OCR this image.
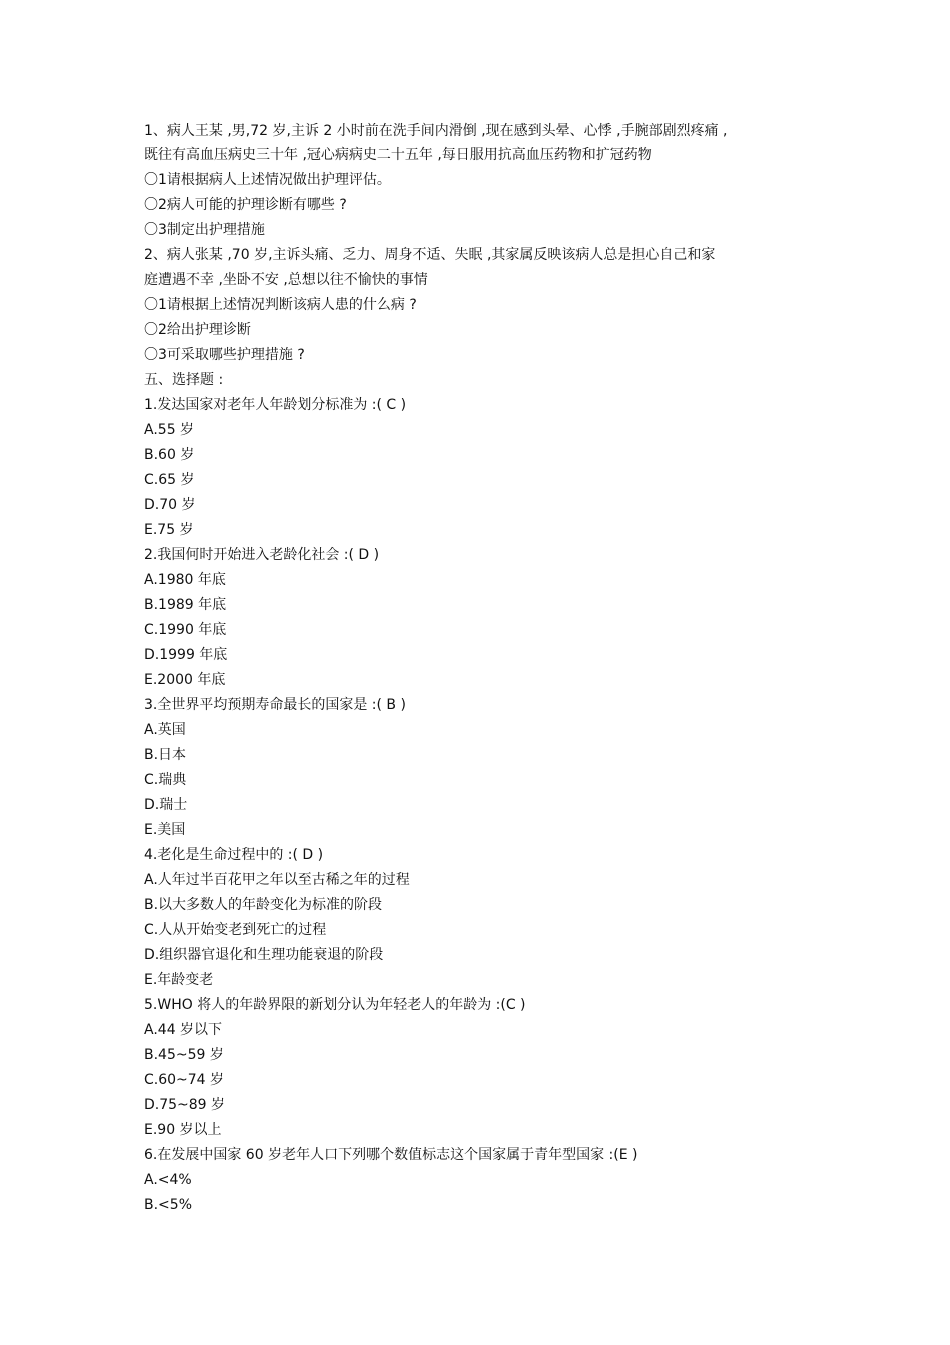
1、病人王某 ,男,72 岁,主诉 2 小时前在洗手间内滑倒 ,现在感到头晕、心悸 ,手腕部剧烈疼痛 ,
既往有高血压病史三十年 ,冠心病病史二十五年 ,每日服用抗高血压药物和扩冠药物
〇1请根据病人上述情况做出护理评估。
〇2病人可能的护理诊断有哪些 ?
〇3制定出护理措施
2、病人张某 ,70 岁,主诉头痛、乏力、周身不适、失眠 ,其家属反映该病人总是担心自己和家
庭遭遇不幸 ,坐卧不安 ,总想以往不愉快的事情
〇1请根据上述情况判断该病人患的什么病 ?
〇2给出护理诊断
〇3可采取哪些护理措施 ?
五、选择题 :
1.发达国家对老年人年龄划分标准为 :( C )
A.55 岁
B.60 岁
C.65 岁
D.70 岁
E.75 岁
2.我国何时开始进入老龄化社会 :( D )
A.1980 年底
B.1989 年底
C.1990 年底
D.1999 年底
E.2000 年底
3.全世界平均预期寿命最长的国家是 :( B )
A.英国
B.日本
C.瑞典
D.瑞士
E.美国
4.老化是生命过程中的 :( D )
A.人年过半百花甲之年以至古稀之年的过程
B.以大多数人的年龄变化为标准的阶段
C.人从开始变老到死亡的过程
D.组织器官退化和生理功能衰退的阶段
E.年龄变老
5.WHO 将人的年龄界限的新划分认为年轻老人的年龄为 :(C )
A.44 岁以下
B.45~59 岁
C.60~74 岁
D.75~89 岁
E.90 岁以上
6.在发展中国家 60 岁老年人口下列哪个数值标志这个国家属于青年型国家 :(E )
A.<4%
B.<5%
